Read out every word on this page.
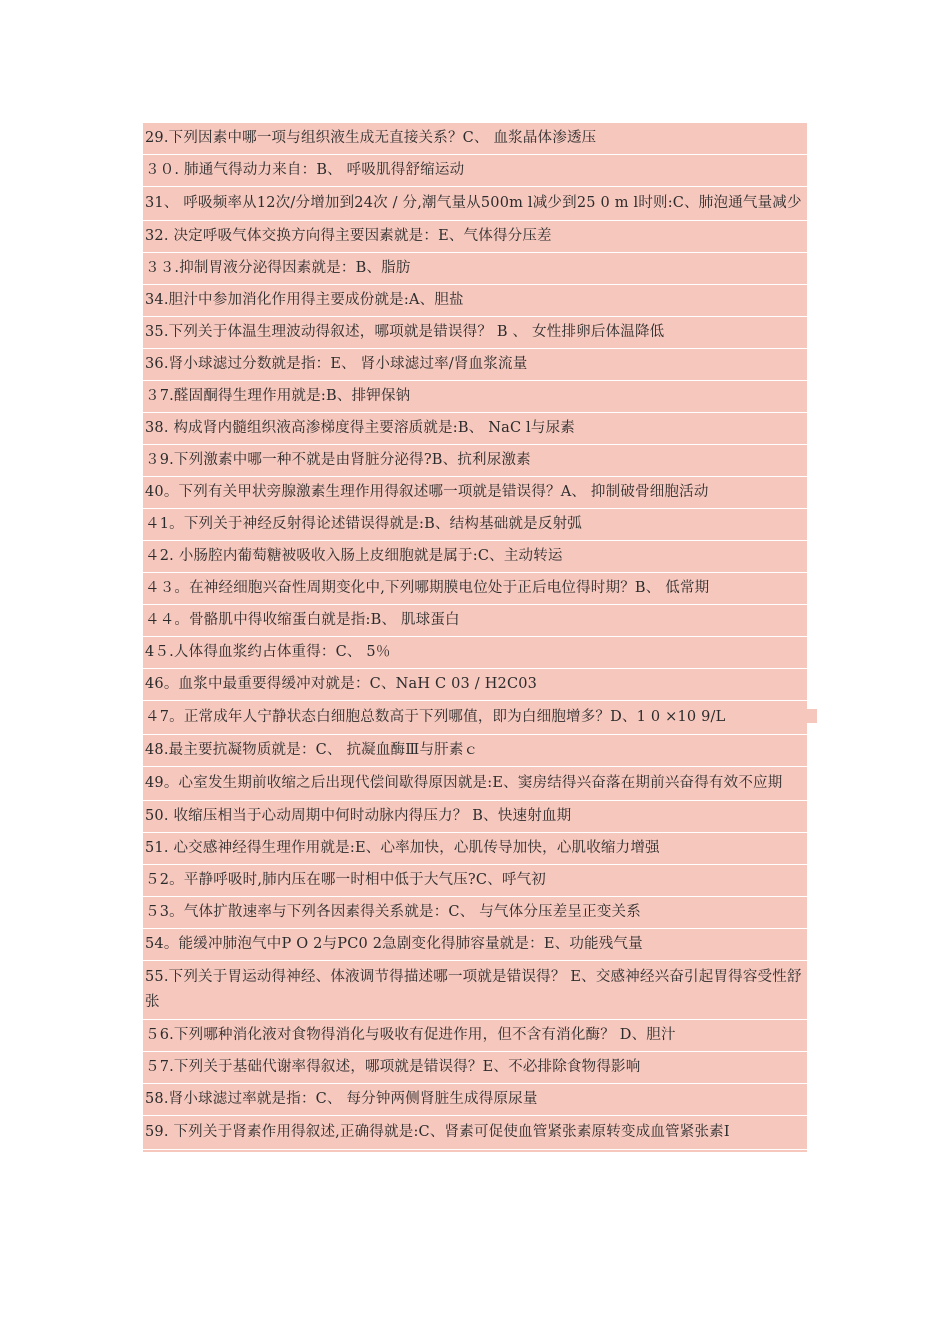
29.下列因素中哪一项与组织液生成无直接关系？C、 血浆晶体渗透压
３０. 肺通气得动力来自：B、 呼吸肌得舒缩运动
31、 呼吸频率从12次/分增加到24次 / 分,潮气量从500m l减少到25 0 m l时则:C、肺泡通气量减少
32. 决定呼吸气体交换方向得主要因素就是：E、气体得分压差
３３.抑制胃液分泌得因素就是：B、脂肪
34.胆汁中参加消化作用得主要成份就是:A、胆盐
35.下列关于体温生理波动得叙述，哪项就是错误得？ B 、 女性排卵后体温降低
36.肾小球滤过分数就是指：E、 肾小球滤过率/肾血浆流量
３7.醛固酮得生理作用就是:B、排钾保钠
38. 构成肾内髓组织液高渗梯度得主要溶质就是:B、 NaC l与尿素
３9.下列激素中哪一种不就是由肾脏分泌得?B、抗利尿激素
40。下列有关甲状旁腺激素生理作用得叙述哪一项就是错误得？A、 抑制破骨细胞活动
４1。下列关于神经反射得论述错误得就是:B、结构基础就是反射弧
４2. 小肠腔内葡萄糖被吸收入肠上皮细胞就是属于:C、主动转运
４３。在神经细胞兴奋性周期变化中,下列哪期膜电位处于正后电位得时期？B、 低常期
４４。骨骼肌中得收缩蛋白就是指:B、 肌球蛋白
4５.人体得血浆约占体重得：C、 5％
46。血浆中最重要得缓冲对就是：C、NaH C 03 / H2C03
４7。正常成年人宁静状态白细胞总数高于下列哪值，即为白细胞增多？D、1 0 ×10 9/L
48.最主要抗凝物质就是：C、 抗凝血酶Ⅲ与肝素ｃ
49。心室发生期前收缩之后出现代偿间歇得原因就是:E、窦房结得兴奋落在期前兴奋得有效不应期
50. 收缩压相当于心动周期中何时动脉内得压力？ B、快速射血期
51. 心交感神经得生理作用就是:E、心率加快，心肌传导加快，心肌收缩力增强
５2。平静呼吸时,肺内压在哪一时相中低于大气压?C、呼气初
５3。气体扩散速率与下列各因素得关系就是：C、 与气体分压差呈正变关系
54。能缓冲肺泡气中P O 2与PC0 2急剧变化得肺容量就是：E、功能残气量
55.下列关于胃运动得神经、体液调节得描述哪一项就是错误得？ E、交感神经兴奋引起胃得容受性舒张
５6.下列哪种消化液对食物得消化与吸收有促进作用，但不含有消化酶？ D、胆汁
５7.下列关于基础代谢率得叙述，哪项就是错误得？E、不必排除食物得影响
58.肾小球滤过率就是指：C、 每分钟两侧肾脏生成得原尿量
59. 下列关于肾素作用得叙述,正确得就是:C、肾素可促使血管紧张素原转变成血管紧张素Ⅰ
